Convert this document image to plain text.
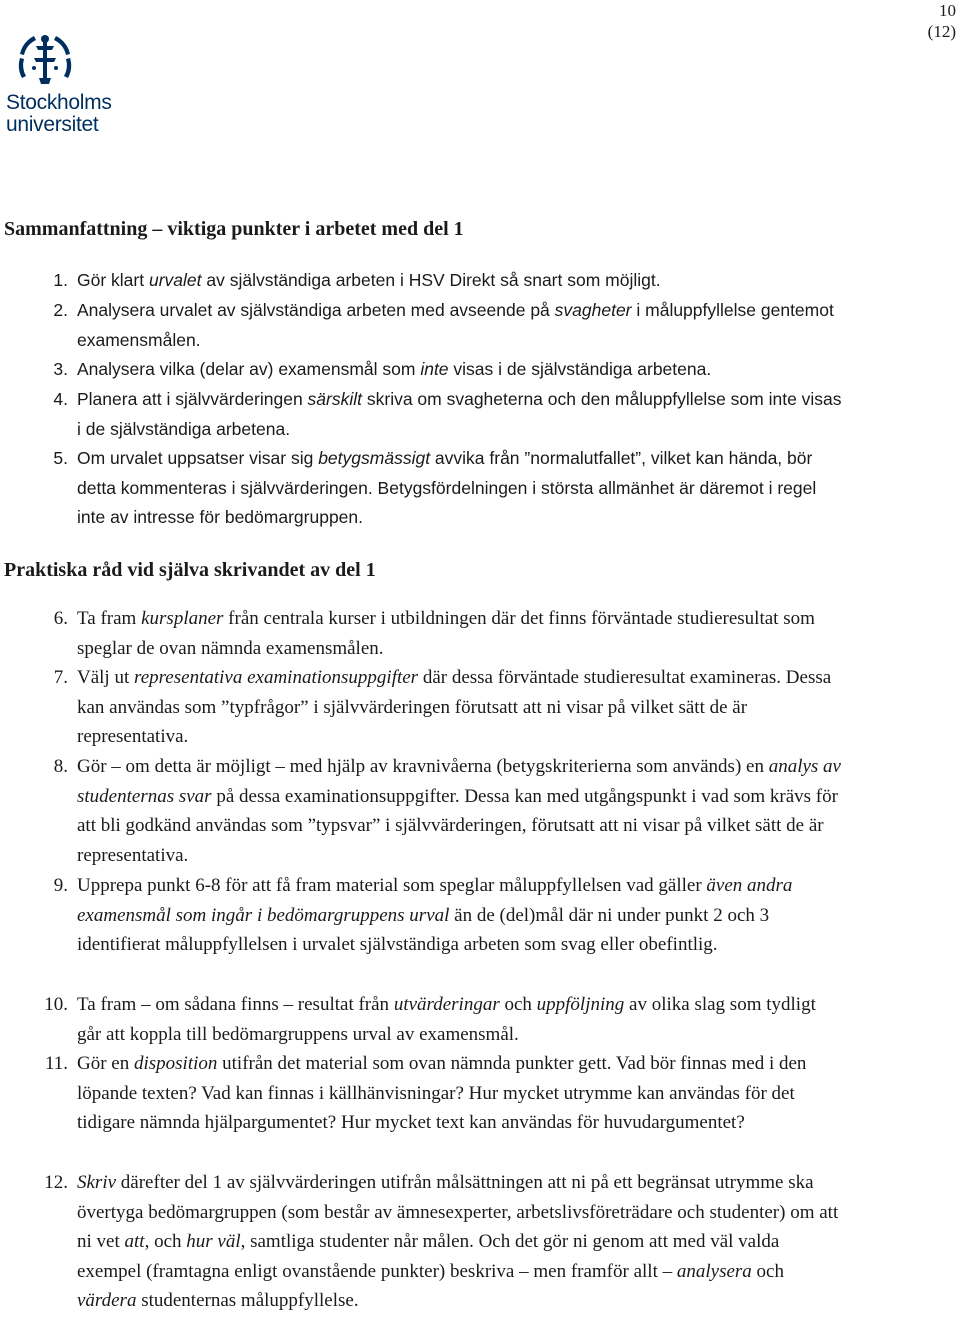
10
(12)
Stockholms
universitet
Sammanfattning – viktiga punkter i arbetet med del 1
1. Gör klart urvalet av självständiga arbeten i HSV Direkt så snart som möjligt.
2. Analysera urvalet av självständiga arbeten med avseende på svagheter i måluppfyllelse gentemot examensmålen.
3. Analysera vilka (delar av) examensmål som inte visas i de självständiga arbetena.
4. Planera att i självvärderingen särskilt skriva om svagheterna och den måluppfyllelse som inte visas i de självständiga arbetena.
5. Om urvalet uppsatser visar sig betygsmässigt avvika från ”normalutfallet”, vilket kan hända, bör detta kommenteras i självvärderingen. Betygsfördelningen i största allmänhet är däremot i regel inte av intresse för bedömargruppen.
Praktiska råd vid själva skrivandet av del 1
6. Ta fram kursplaner från centrala kurser i utbildningen där det finns förväntade studieresultat som speglar de ovan nämnda examensmålen.
7. Välj ut representativa examinationsuppgifter där dessa förväntade studieresultat examineras. Dessa kan användas som ”typfrågor” i självvärderingen förutsatt att ni visar på vilket sätt de är representativa.
8. Gör – om detta är möjligt – med hjälp av kravnivåerna (betygskriterierna som används) en analys av studenternas svar på dessa examinationsuppgifter. Dessa kan med utgångspunkt i vad som krävs för att bli godkänd användas som ”typsvar” i självvärderingen, förutsatt att ni visar på vilket sätt de är representativa.
9. Upprepa punkt 6-8 för att få fram material som speglar måluppfyllelsen vad gäller även andra examensmål som ingår i bedömargruppens urval än de (del)mål där ni under punkt 2 och 3 identifierat måluppfyllelsen i urvalet självständiga arbeten som svag eller obefintlig.
10. Ta fram – om sådana finns – resultat från utvärderingar och uppföljning av olika slag som tydligt går att koppla till bedömargruppens urval av examensmål.
11. Gör en disposition utifrån det material som ovan nämnda punkter gett. Vad bör finnas med i den löpande texten? Vad kan finnas i källhänvisningar? Hur mycket utrymme kan användas för det tidigare nämnda hjälpargumentet? Hur mycket text kan användas för huvudargumentet?
12. Skriv därefter del 1 av självvärderingen utifrån målsättningen att ni på ett begränsat utrymme ska övertyga bedömargruppen (som består av ämnesexperter, arbetslivsföreträdare och studenter) om att ni vet att, och hur väl, samtliga studenter når målen. Och det gör ni genom att med väl valda exempel (framtagna enligt ovanstående punkter) beskriva – men framför allt – analysera och värdera studenternas måluppfyllelse.
